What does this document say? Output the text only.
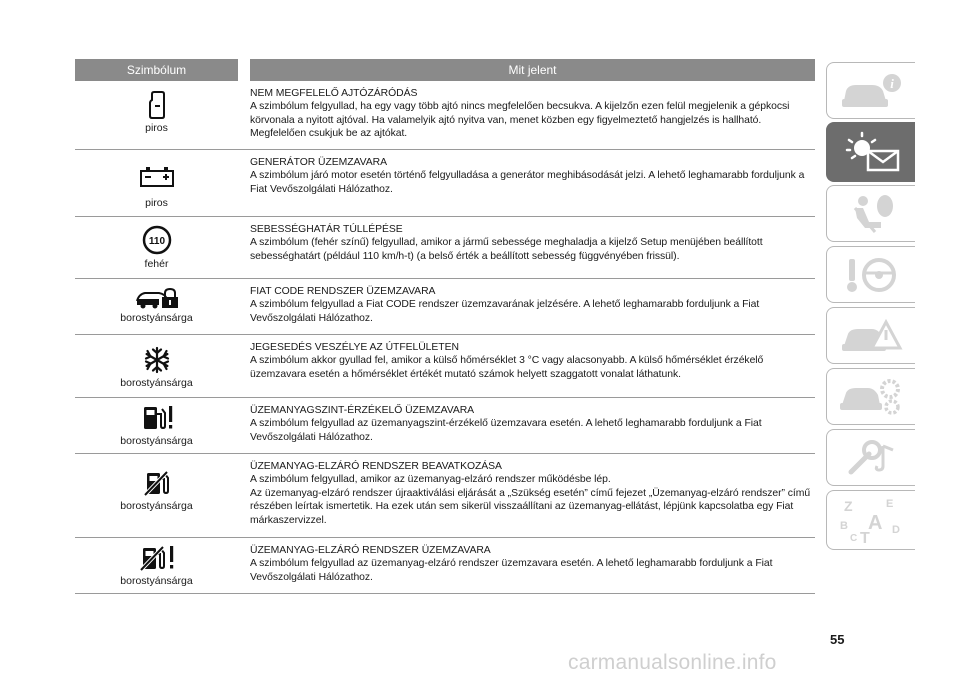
Szimbólum	Mit jelent
piros
NEM MEGFELELŐ AJTÓZÁRÓDÁS
A szimbólum felgyullad, ha egy vagy több ajtó nincs megfelelően becsukva. A kijelzőn ezen felül megjelenik a gépkocsi körvonala a nyitott ajtóval. Ha valamelyik ajtó nyitva van, menet közben egy figyelmeztető hangjelzés is hallható. Megfelelően csukjuk be az ajtókat.
piros
GENERÁTOR ÜZEMZAVARA
A szimbólum járó motor esetén történő felgyulladása a generátor meghibásodását jelzi. A lehető leghamarabb forduljunk a Fiat Vevőszolgálati Hálózathoz.
110
fehér
SEBESSÉGHATÁR TÚLLÉPÉSE
A szimbólum (fehér színű) felgyullad, amikor a jármű sebessége meghaladja a kijelző Setup menüjében beállított sebességhatárt (például 110 km/h-t) (a belső érték a beállított sebesség függvényében frissül).
borostyánsárga
FIAT CODE RENDSZER ÜZEMZAVARA
A szimbólum felgyullad a Fiat CODE rendszer üzemzavarának jelzésére. A lehető leghamarabb forduljunk a Fiat Vevőszolgálati Hálózathoz.
borostyánsárga
JEGESEDÉS VESZÉLYE AZ ÚTFELÜLETEN
A szimbólum akkor gyullad fel, amikor a külső hőmérséklet 3 °C vagy alacsonyabb. A külső hőmérséklet érzékelő üzemzavara esetén a hőmérséklet értékét mutató számok helyett szaggatott vonalat láthatunk.
borostyánsárga
ÜZEMANYAGSZINT-ÉRZÉKELŐ ÜZEMZAVARA
A szimbólum felgyullad az üzemanyagszint-érzékelő üzemzavara esetén. A lehető leghamarabb forduljunk a Fiat Vevőszolgálati Hálózathoz.
borostyánsárga
ÜZEMANYAG-ELZÁRÓ RENDSZER BEAVATKOZÁSA
A szimbólum felgyullad, amikor az üzemanyag-elzáró rendszer működésbe lép.
Az üzemanyag-elzáró rendszer újraaktiválási eljárását a „Szükség esetén” című fejezet „Üzemanyag-elzáró rendszer” című részében leírtak ismertetik. Ha ezek után sem sikerül visszaállítani az üzemanyag-ellátást, lépjünk kapcsolatba egy Fiat márkaszervizzel.
borostyánsárga
ÜZEMANYAG-ELZÁRÓ RENDSZER ÜZEMZAVARA
A szimbólum felgyullad az üzemanyag-elzáró rendszer üzemzavara esetén. A lehető leghamarabb forduljunk a Fiat Vevőszolgálati Hálózathoz.
i
Z	E
B A
C T D
55
carmanualsonline.info
